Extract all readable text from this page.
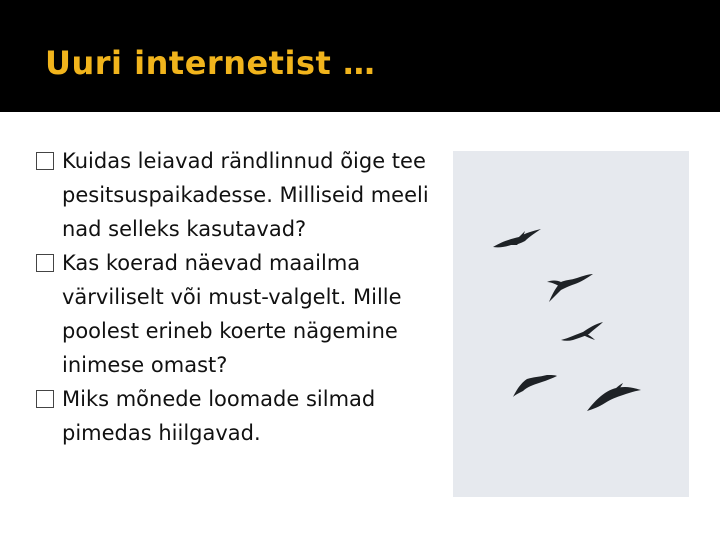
Uuri internetist …
Kuidas leiavad rändlinnud õige tee pesitsuspaikadesse. Milliseid meeli nad selleks kasutavad?
Kas koerad näevad maailma värviliselt või must-valgelt. Mille poolest erineb koerte nägemine inimese omast?
Miks mõnede loomade silmad pimedas hiilgavad.
